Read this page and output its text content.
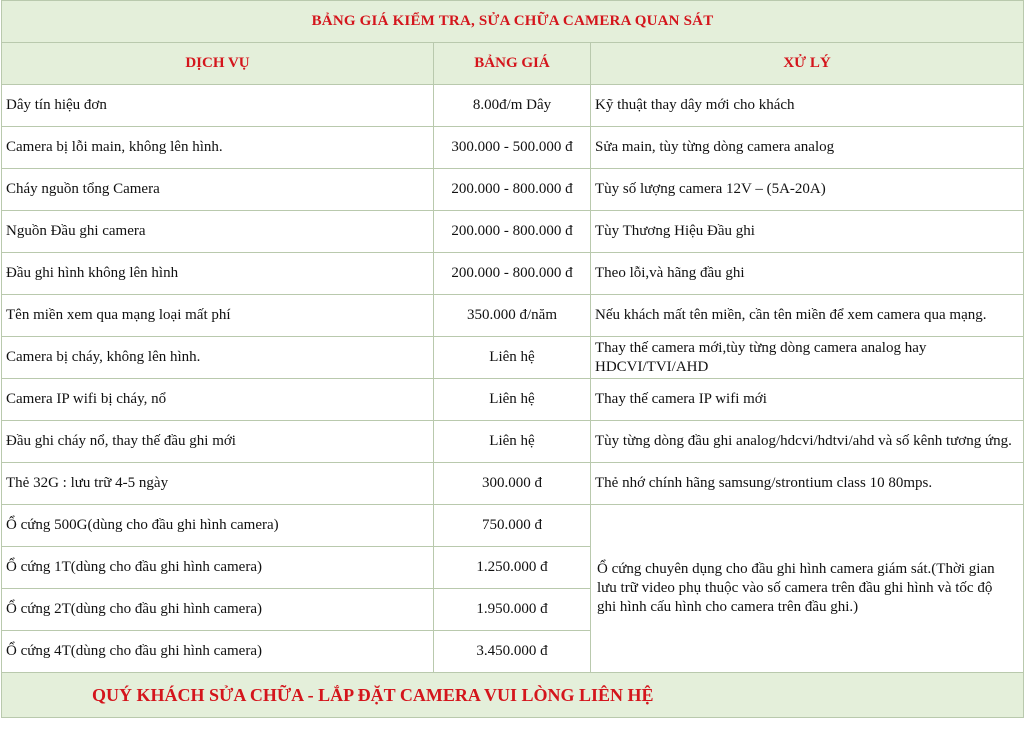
BẢNG GIÁ KIỂM TRA, SỬA CHỮA CAMERA QUAN SÁT		
DỊCH VỤ	BẢNG GIÁ	XỬ LÝ
Dây tín hiệu đơn	8.00đ/m Dây	Kỹ thuật thay dây mới cho khách
Camera bị lỗi main, không lên hình.	300.000 - 500.000 đ	Sửa main, tùy từng dòng camera analog
Cháy nguồn tổng Camera	200.000 - 800.000 đ	Tùy số lượng camera 12V – (5A-20A)
Nguồn Đầu ghi camera	200.000 - 800.000 đ	Tùy Thương Hiệu Đầu ghi
Đầu ghi hình không lên hình	200.000 - 800.000 đ	Theo lỗi,và hãng đầu ghi
Tên miền xem qua mạng loại mất phí	350.000 đ/năm	Nếu khách mất tên miền, cần tên miền để xem camera qua mạng.
Camera bị cháy, không lên hình.	Liên hệ	Thay thế camera mới,tùy từng dòng camera analog hay HDCVI/TVI/AHD
Camera IP wifi bị cháy, nổ	Liên hệ	Thay thế camera IP wifi mới
Đầu ghi cháy nổ, thay thế đầu ghi mới	Liên hệ	Tùy từng dòng đầu ghi analog/hdcvi/hdtvi/ahd và số kênh tương ứng.
Thẻ 32G : lưu trữ 4-5 ngày	300.000 đ	Thẻ nhớ chính hãng samsung/strontium class 10 80mps.
Ổ cứng 500G(dùng cho đầu ghi hình camera)	750.000 đ	Ổ cứng chuyên dụng cho đầu ghi hình camera giám sát.(Thời gian lưu trữ video phụ thuộc vào số camera trên đầu ghi hình và tốc độ ghi hình cấu hình cho camera trên đầu ghi.)
Ổ cứng 1T(dùng cho đầu ghi hình camera)	1.250.000 đ	
Ổ cứng 2T(dùng cho đầu ghi hình camera)	1.950.000 đ	
Ổ cứng 4T(dùng cho đầu ghi hình camera)	3.450.000 đ	
QUÝ KHÁCH SỬA CHỮA - LẮP ĐẶT CAMERA VUI LÒNG LIÊN HỆ		
